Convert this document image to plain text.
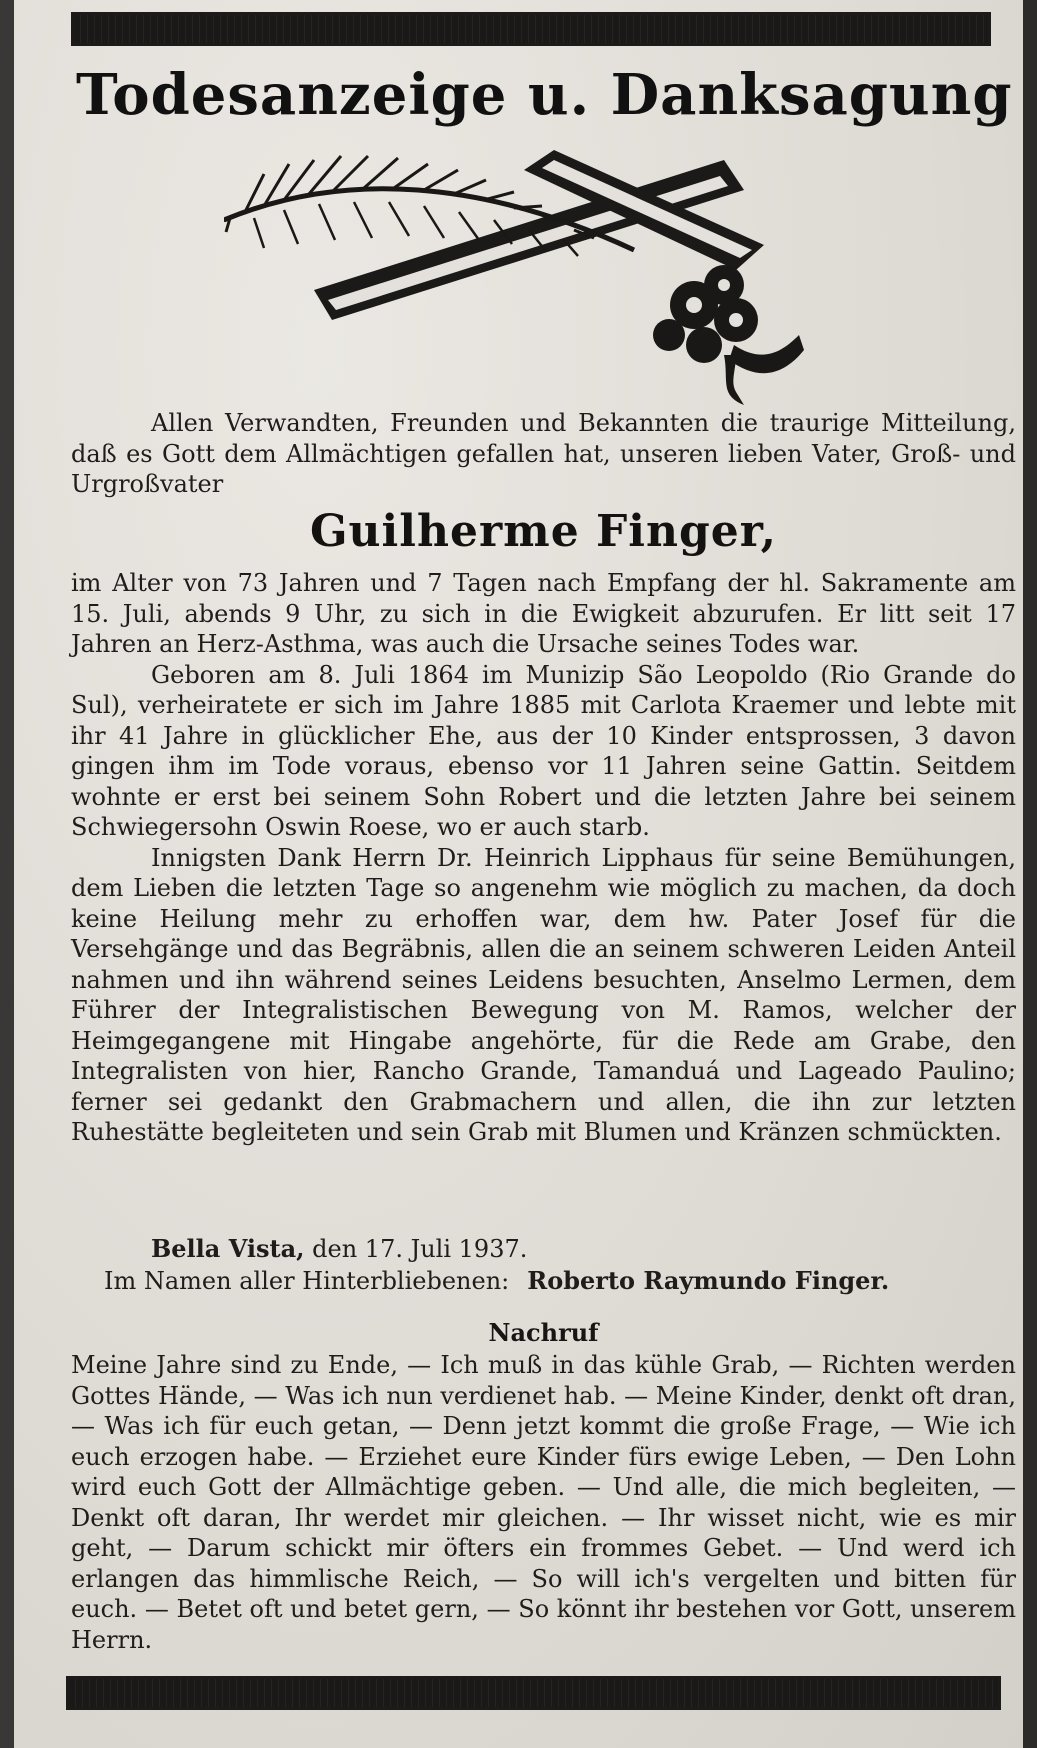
Todesanzeige u. Danksagung

Allen Verwandten, Freunden und Bekannten die traurige Mitteilung, daß es Gott dem Allmächtigen gefallen hat, unseren lieben Vater, Groß- und Urgroßvater

Guilherme Finger,

im Alter von 73 Jahren und 7 Tagen nach Empfang der hl. Sakramente am 15. Juli, abends 9 Uhr, zu sich in die Ewigkeit abzurufen. Er litt seit 17 Jahren an Herz-Asthma, was auch die Ursache seines Todes war.

Geboren am 8. Juli 1864 im Munizip São Leopoldo (Rio Grande do Sul), verheiratete er sich im Jahre 1885 mit Carlota Kraemer und lebte mit ihr 41 Jahre in glücklicher Ehe, aus der 10 Kinder entsprossen, 3 davon gingen ihm im Tode voraus, ebenso vor 11 Jahren seine Gattin. Seitdem wohnte er erst bei seinem Sohn Robert und die letzten Jahre bei seinem Schwiegersohn Oswin Roese, wo er auch starb.

Innigsten Dank Herrn Dr. Heinrich Lipphaus für seine Bemühungen, dem Lieben die letzten Tage so angenehm wie möglich zu machen, da doch keine Heilung mehr zu erhoffen war, dem hw. Pater Josef für die Versehgänge und das Begräbnis, allen die an seinem schweren Leiden Anteil nahmen und ihn während seines Leidens besuchten, Anselmo Lermen, dem Führer der Integralistischen Bewegung von M. Ramos, welcher der Heimgegangene mit Hingabe angehörte, für die Rede am Grabe, den Integralisten von hier, Rancho Grande, Tamanduá und Lageado Paulino; ferner sei gedankt den Grabmachern und allen, die ihn zur letzten Ruhestätte begleiteten und sein Grab mit Blumen und Kränzen schmückten.

Bella Vista, den 17. Juli 1937.
Im Namen aller Hinterbliebenen: Roberto Raymundo Finger.
Nachruf

Meine Jahre sind zu Ende, — Ich muß in das kühle Grab, — Richten werden Gottes Hände, — Was ich nun verdienet hab. — Meine Kinder, denkt oft dran, — Was ich für euch getan, — Denn jetzt kommt die große Frage, — Wie ich euch erzogen habe. — Erziehet eure Kinder fürs ewige Leben, — Den Lohn wird euch Gott der Allmächtige geben. — Und alle, die mich begleiten, — Denkt oft daran, Ihr werdet mir gleichen. — Ihr wisset nicht, wie es mir geht, — Darum schickt mir öfters ein frommes Gebet. — Und werd ich erlangen das himmlische Reich, — So will ich's vergelten und bitten für euch. — Betet oft und betet gern, — So könnt ihr bestehen vor Gott, unserem Herrn.
